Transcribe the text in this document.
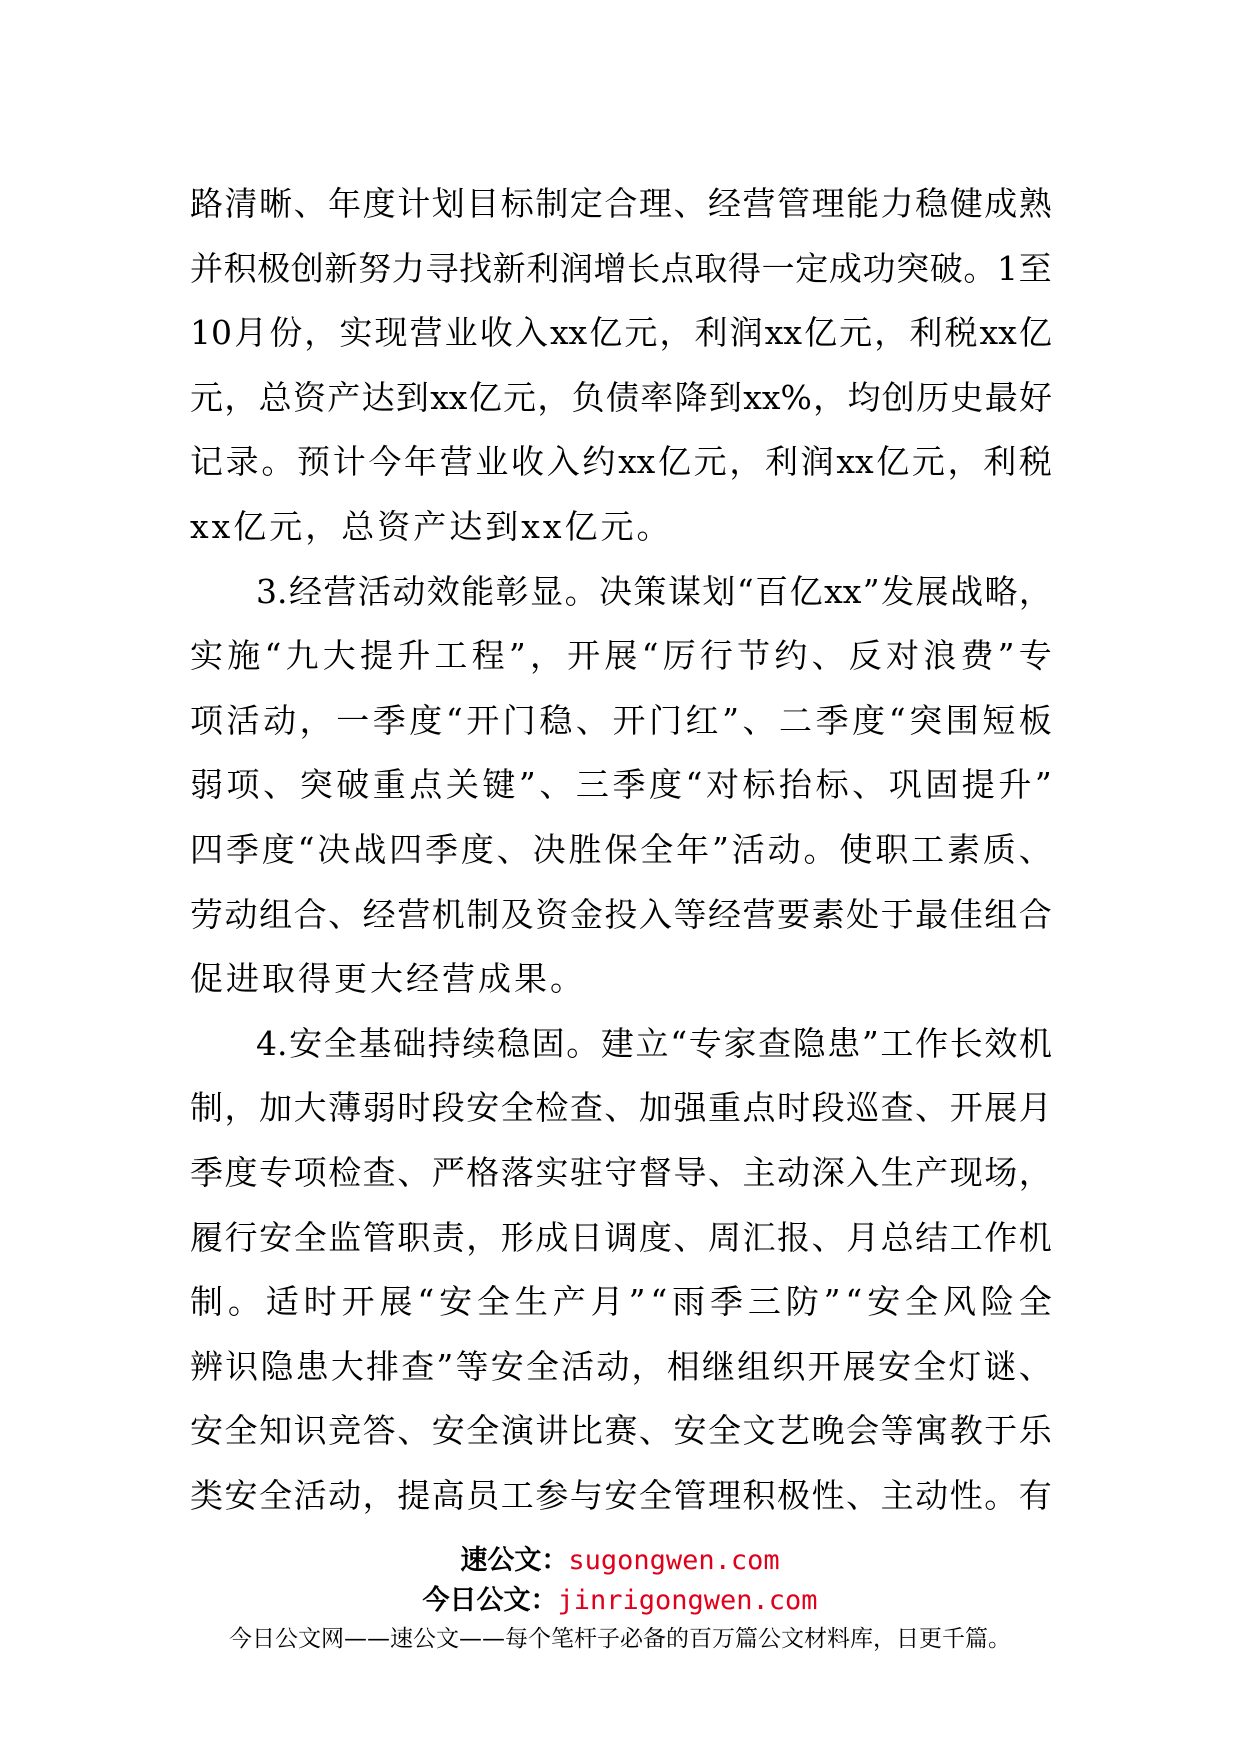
路 清 晰 、 年 度 计 划 目 标 制 定 合 理 、 经 营 管 理 能 力 稳 健 成 熟
并 积 极 创 新 努 力 寻 找 新 利 润 增 长 点 取 得 一 定 成 功 突 破 。 1 至
10 月 份 ， 实 现 营 业 收 入 xx 亿 元 ， 利 润 xx 亿 元 ， 利 税 xx 亿
元 ， 总 资 产 达 到 xx 亿 元 ， 负 债 率 降 到 xx% ， 均 创 历 史 最 好
记 录 。 预 计 今 年 营 业 收 入 约 xx 亿 元 ， 利 润 xx 亿 元 ， 利 税
xx亿元，总资产达到xx亿元。
3. 经 营 活 动 效 能 彰 显 。 决 策 谋 划 “ 百 亿 xx ” 发 展 战 略 ，
实 施 “ 九 大 提 升 工 程 ” ， 开 展 “ 厉 行 节 约 、 反 对 浪 费 ” 专
项 活 动 ， 一 季 度 “ 开 门 稳 、 开 门 红 ” 、 二 季 度 “ 突 围 短 板
弱 项 、 突 破 重 点 关 键 ” 、 三 季 度 “ 对 标 抬 标 、 巩 固 提 升 ”
四 季 度 “ 决 战 四 季 度 、 决 胜 保 全 年 ” 活 动 。 使 职 工 素 质 、
劳 动 组 合 、 经 营 机 制 及 资 金 投 入 等 经 营 要 素 处 于 最 佳 组 合
促进取得更大经营成果。
4. 安 全 基 础 持 续 稳 固 。 建 立 “ 专 家 查 隐 患 ” 工 作 长 效 机
制 ， 加 大 薄 弱 时 段 安 全 检 查 、 加 强 重 点 时 段 巡 查 、 开 展 月
季 度 专 项 检 查 、 严 格 落 实 驻 守 督 导 、 主 动 深 入 生 产 现 场 ，
履 行 安 全 监 管 职 责 ， 形 成 日 调 度 、 周 汇 报 、 月 总 结 工 作 机
制 。 适 时 开 展 “ 安 全 生 产 月 ” “ 雨 季 三 防 ” “ 安 全 风 险 全
辨 识 隐 患 大 排 查 ” 等 安 全 活 动 ， 相 继 组 织 开 展 安 全 灯 谜 、
安 全 知 识 竞 答 、 安 全 演 讲 比 赛 、 安 全 文 艺 晚 会 等 寓 教 于 乐
类 安 全 活 动 ， 提 高 员 工 参 与 安 全 管 理 积 极 性 、 主 动 性 。 有
速公文：sugongwen.com
今日公文：jinrigongwen.com
今日公文网——速公文——每个笔杆子必备的百万篇公文材料库，日更千篇。
